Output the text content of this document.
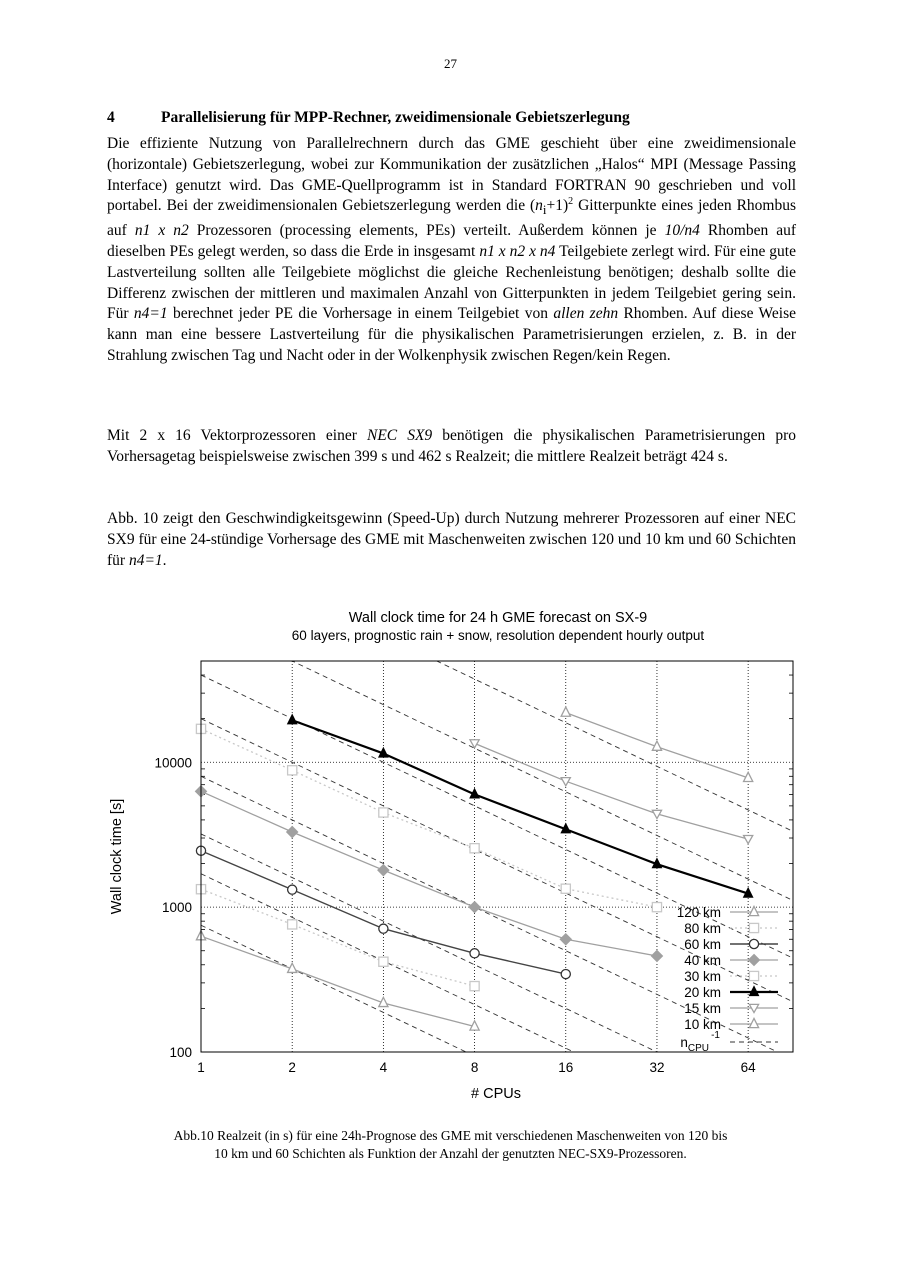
27
4	Parallelisierung für MPP-Rechner, zweidimensionale Gebietszerlegung

Die effiziente Nutzung von Parallelrechnern durch das GME geschieht über eine zweidimensionale (horizontale) Gebietszerlegung, wobei zur Kommunikation der zusätzlichen „Halos“ MPI (Message Passing Interface) genutzt wird. Das GME-Quellprogramm ist in Standard FORTRAN 90 geschrieben und voll portabel. Bei der zweidimensionalen Gebietszerlegung werden die $(n_i+1)^2$ Gitterpunkte eines jeden Rhombus auf n1 x n2 Prozessoren (processing elements, PEs) verteilt. Außerdem können je 10/n4 Rhomben auf dieselben PEs gelegt werden, so dass die Erde in insgesamt n1 x n2 x n4 Teilgebiete zerlegt wird. Für eine gute Lastverteilung sollten alle Teilgebiete möglichst die gleiche Rechenleistung benötigen; deshalb sollte die Differenz zwischen der mittleren und maximalen Anzahl von Gitterpunkten in jedem Teilgebiet gering sein. Für n4=1 berechnet jeder PE die Vorhersage in einem Teilgebiet von allen zehn Rhomben. Auf diese Weise kann man eine bessere Lastverteilung für die physikalischen Parametrisierungen erzielen, z. B. in der Strahlung zwischen Tag und Nacht oder in der Wolkenphysik zwischen Regen/kein Regen.

Mit 2 x 16 Vektorprozessoren einer NEC SX9 benötigen die physikalischen Parametrisierungen pro Vorhersagetag beispielsweise zwischen 399 s und 462 s Realzeit; die mittlere Realzeit beträgt 424 s.

Abb. 10 zeigt den Geschwindigkeitsgewinn (Speed-Up) durch Nutzung mehrerer Prozessoren auf einer NEC SX9 für eine 24-stündige Vorhersage des GME mit Maschenweiten zwischen 120 und 10 km und 60 Schichten für n4=1.

Wall clock time for 24 h GME forecast on SX-9
60 layers, prognostic rain + snow, resolution dependent hourly output
120 km
80 km
60 km
40 km
30 km
20 km
15 km
10 km
$n_{CPU}$
-1
1	2	4	8	16	32	64
100
1000
10000
# CPUs
Wall clock time [s]
Abb.10 Realzeit (in s) für eine 24h-Prognose des GME mit verschiedenen Maschenweiten von 120 bis
10 km und 60 Schichten als Funktion der Anzahl der genutzten NEC-SX9-Prozessoren.
